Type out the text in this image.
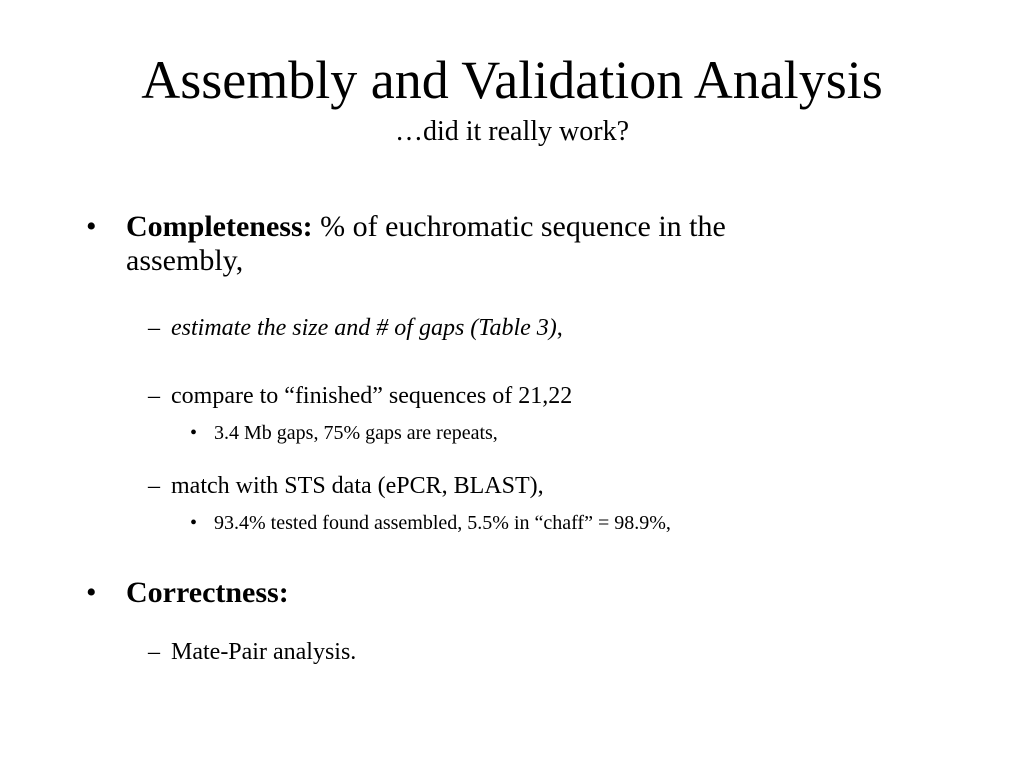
Assembly and Validation Analysis
…did it really work?
• Completeness: % of euchromatic sequence in the assembly,
– estimate the size and # of gaps (Table 3),
– compare to “finished” sequences of 21,22
• 3.4 Mb gaps, 75% gaps are repeats,
– match with STS data (ePCR, BLAST),
• 93.4% tested found assembled, 5.5% in “chaff” = 98.9%,
• Correctness:
– Mate-Pair analysis.
